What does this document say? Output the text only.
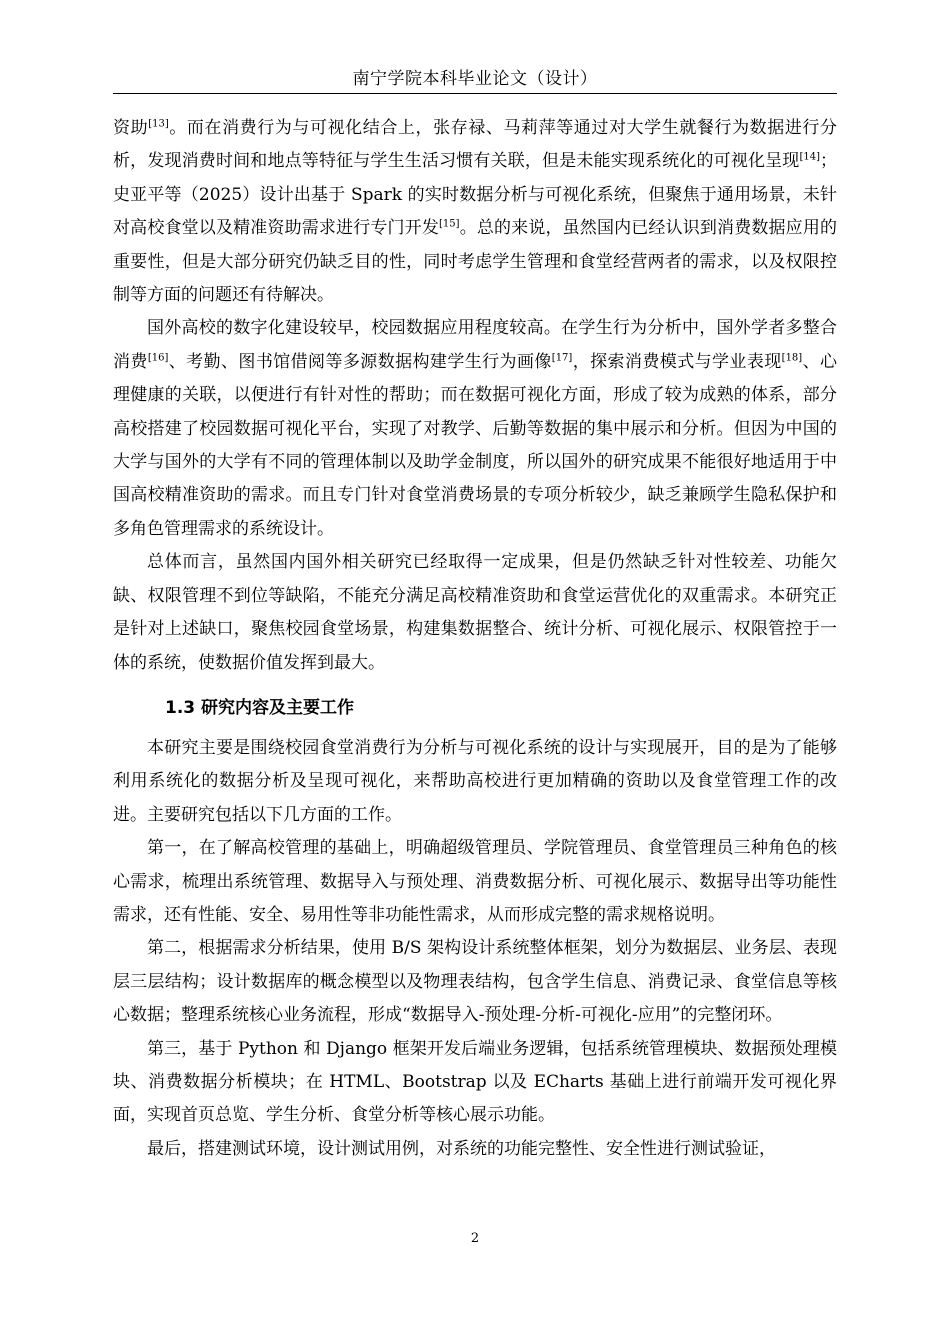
南宁学院本科毕业论文（设计）

资助[13]。而在消费行为与可视化结合上，张存禄、马莉萍等通过对大学生就餐行为数据进行分析，发现消费时间和地点等特征与学生生活习惯有关联，但是未能实现系统化的可视化呈现[14]；史亚平等（2025）设计出基于 Spark 的实时数据分析与可视化系统，但聚焦于通用场景，未针对高校食堂以及精准资助需求进行专门开发[15]。总的来说，虽然国内已经认识到消费数据应用的重要性，但是大部分研究仍缺乏目的性，同时考虑学生管理和食堂经营两者的需求，以及权限控制等方面的问题还有待解决。

国外高校的数字化建设较早，校园数据应用程度较高。在学生行为分析中，国外学者多整合消费[16]、考勤、图书馆借阅等多源数据构建学生行为画像[17]，探索消费模式与学业表现[18]、心理健康的关联，以便进行有针对性的帮助；而在数据可视化方面，形成了较为成熟的体系，部分高校搭建了校园数据可视化平台，实现了对教学、后勤等数据的集中展示和分析。但因为中国的大学与国外的大学有不同的管理体制以及助学金制度，所以国外的研究成果不能很好地适用于中国高校精准资助的需求。而且专门针对食堂消费场景的专项分析较少，缺乏兼顾学生隐私保护和多角色管理需求的系统设计。

总体而言，虽然国内国外相关研究已经取得一定成果，但是仍然缺乏针对性较差、功能欠缺、权限管理不到位等缺陷，不能充分满足高校精准资助和食堂运营优化的双重需求。本研究正是针对上述缺口，聚焦校园食堂场景，构建集数据整合、统计分析、可视化展示、权限管控于一体的系统，使数据价值发挥到最大。

1.3 研究内容及主要工作

本研究主要是围绕校园食堂消费行为分析与可视化系统的设计与实现展开，目的是为了能够利用系统化的数据分析及呈现可视化，来帮助高校进行更加精确的资助以及食堂管理工作的改进。主要研究包括以下几方面的工作。

第一，在了解高校管理的基础上，明确超级管理员、学院管理员、食堂管理员三种角色的核心需求，梳理出系统管理、数据导入与预处理、消费数据分析、可视化展示、数据导出等功能性需求，还有性能、安全、易用性等非功能性需求，从而形成完整的需求规格说明。

第二，根据需求分析结果，使用 B/S 架构设计系统整体框架，划分为数据层、业务层、表现层三层结构；设计数据库的概念模型以及物理表结构，包含学生信息、消费记录、食堂信息等核心数据；整理系统核心业务流程，形成“数据导入-预处理-分析-可视化-应用”的完整闭环。

第三，基于 Python 和 Django 框架开发后端业务逻辑，包括系统管理模块、数据预处理模块、消费数据分析模块；在 HTML、Bootstrap 以及 ECharts 基础上进行前端开发可视化界面，实现首页总览、学生分析、食堂分析等核心展示功能。

最后，搭建测试环境，设计测试用例，对系统的功能完整性、安全性进行测试验证，

2
